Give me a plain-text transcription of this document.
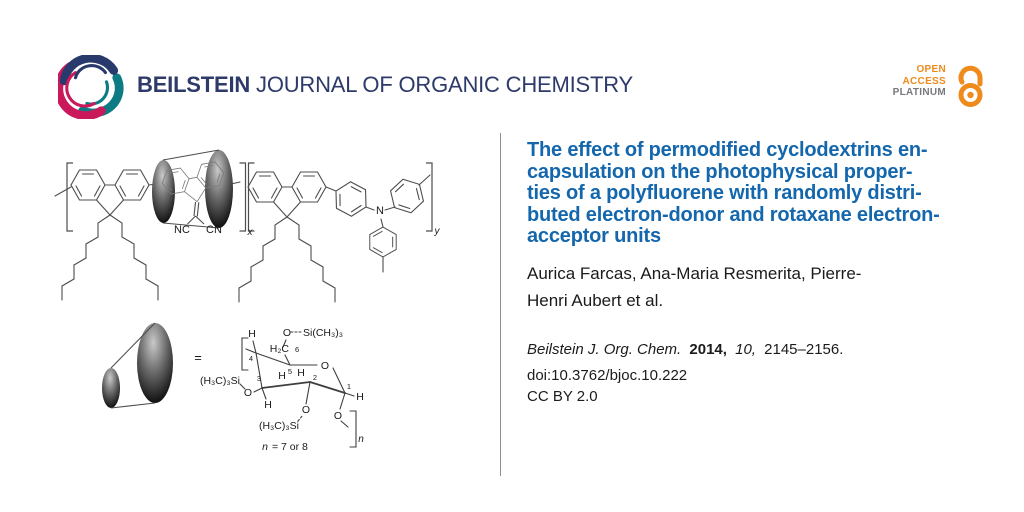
BEILSTEIN JOURNAL OF ORGANIC CHEMISTRY
OPEN
ACCESS
PLATINUM
NC CN
N
x	y
=
H	O Si(CH₃)₃
H₂C 6
4
H 5	O
3
O
(H₃C)₃Si
H
H 2
O
(H₃C)₃Si
1
H
O
n
n = 7 or 8
The effect of permodified cyclodextrins en-
capsulation on the photophysical proper-
ties of a polyfluorene with randomly distri-
buted electron-donor and rotaxane electron-
acceptor units
Aurica Farcas, Ana-Maria Resmerita, Pierre-
Henri Aubert et al.
Beilstein J. Org. Chem. 2014, 10, 2145–2156.
doi:10.3762/bjoc.10.222
CC BY 2.0
